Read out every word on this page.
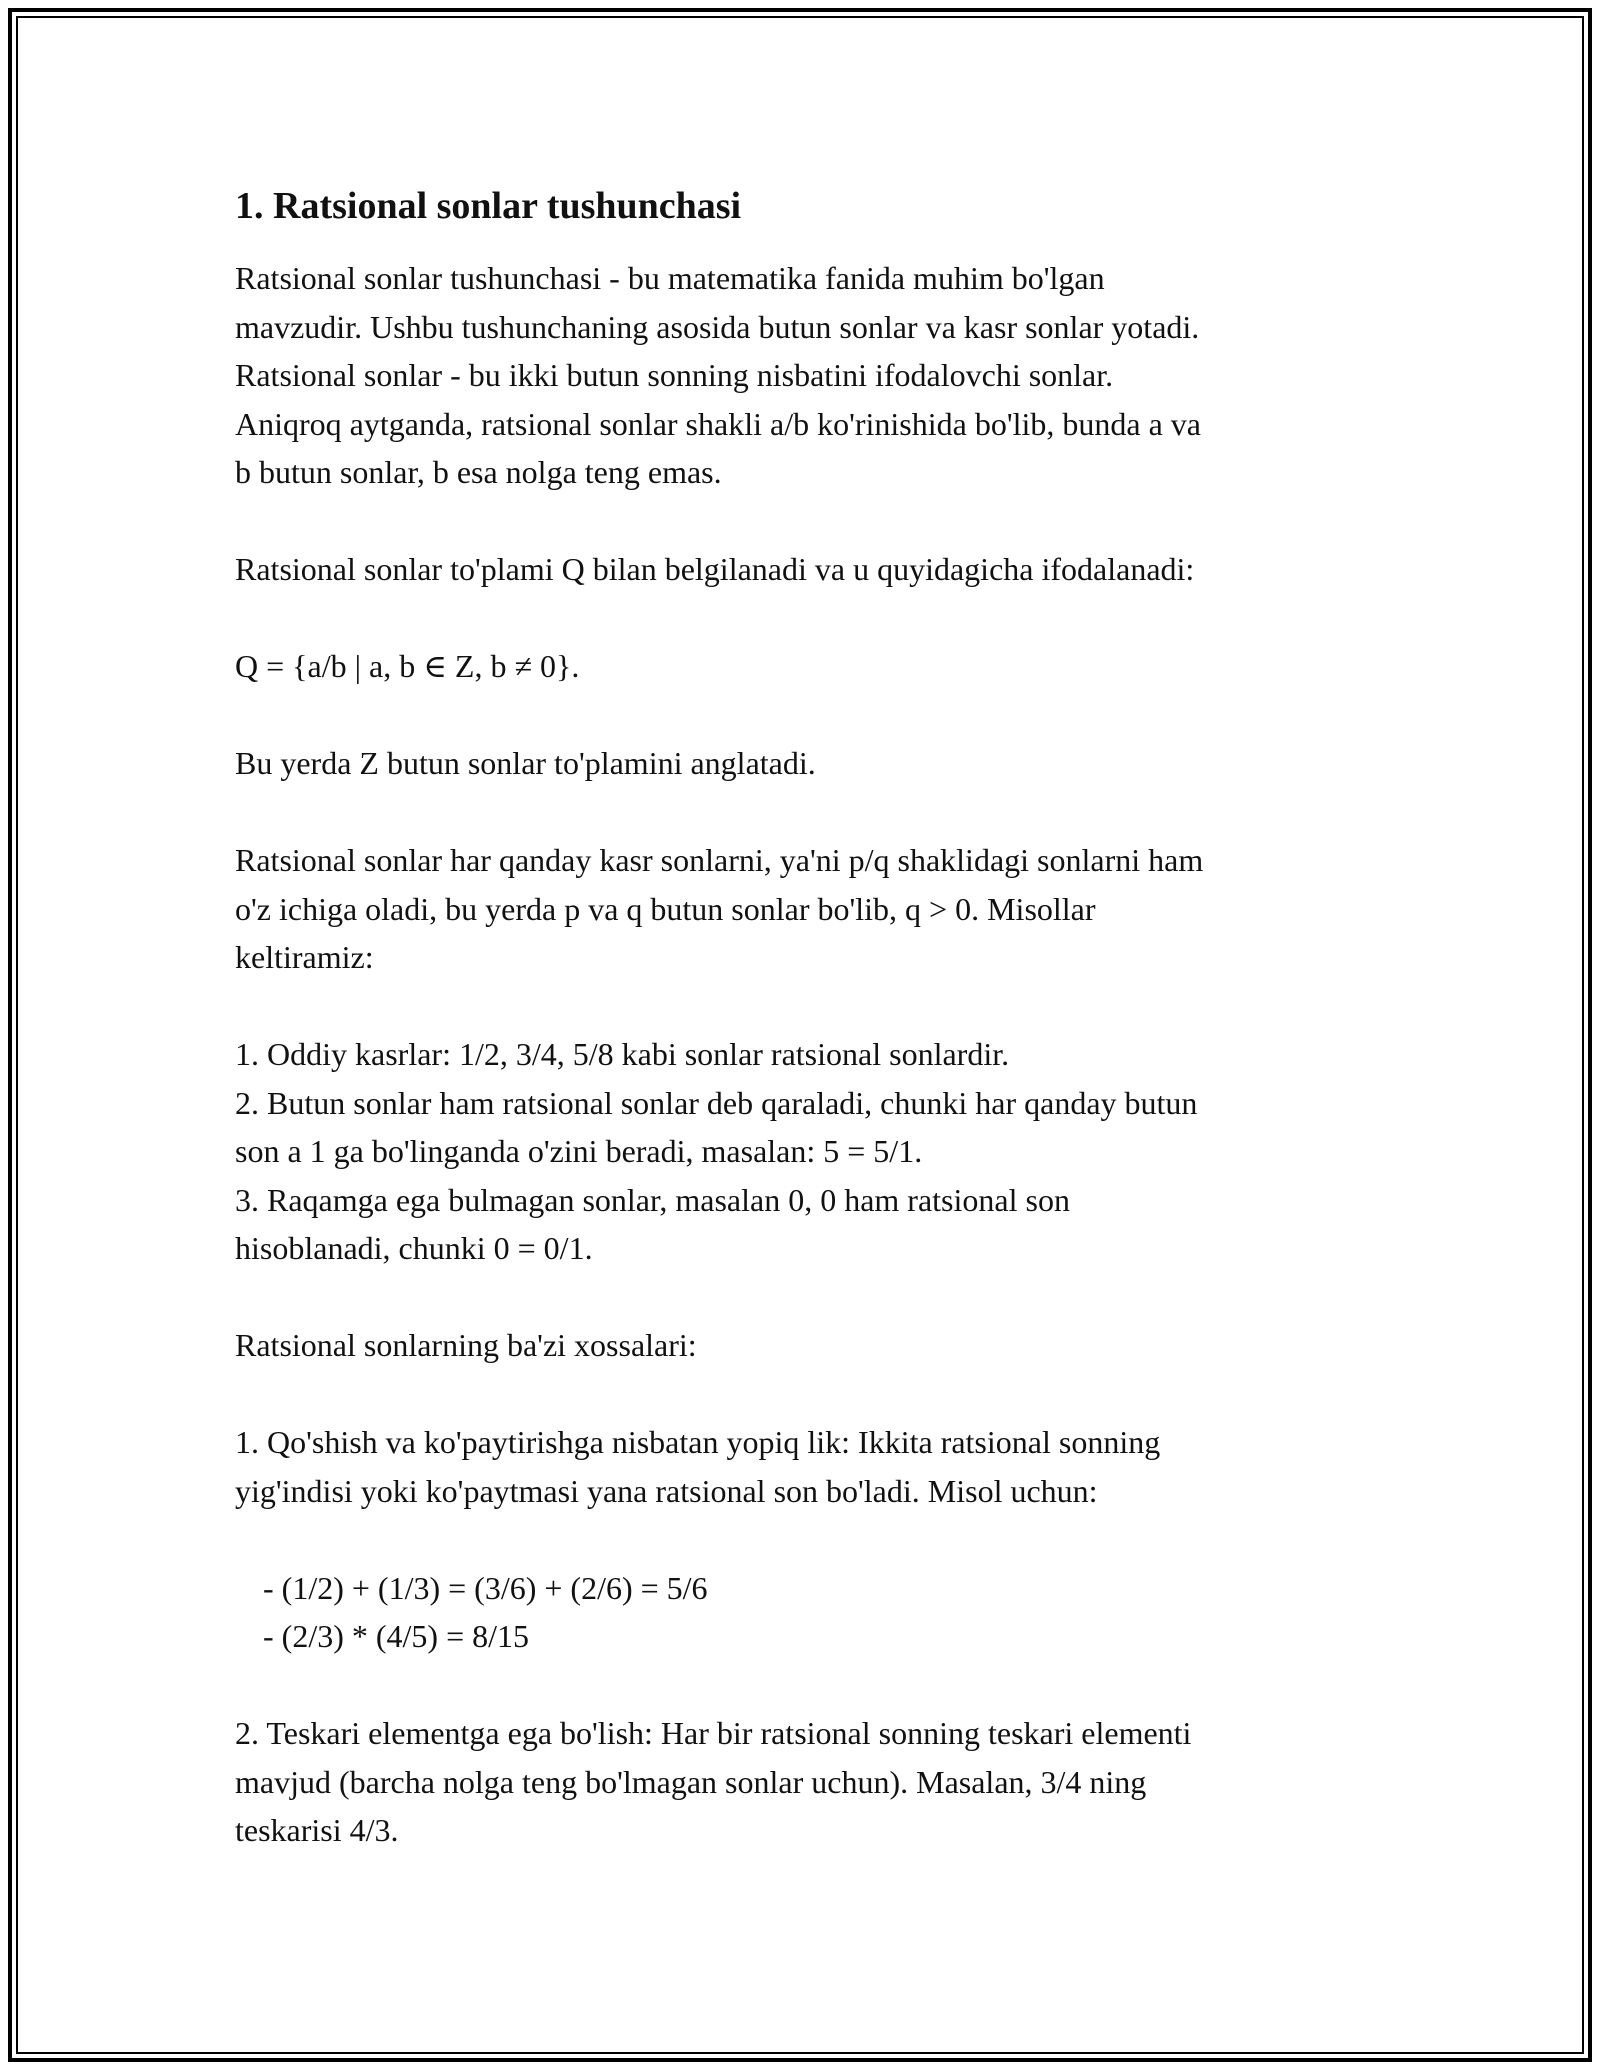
1. Ratsional sonlar tushunchasi
Ratsional sonlar tushunchasi - bu matematika fanida muhim bo'lgan
mavzudir. Ushbu tushunchaning asosida butun sonlar va kasr sonlar yotadi.
Ratsional sonlar - bu ikki butun sonning nisbatini ifodalovchi sonlar.
Aniqroq aytganda, ratsional sonlar shakli a/b ko'rinishida bo'lib, bunda a va
b butun sonlar, b esa nolga teng emas.
Ratsional sonlar to'plami Q bilan belgilanadi va u quyidagicha ifodalanadi:
Q = {a/b | a, b ∈ Z, b ≠ 0}.
Bu yerda Z butun sonlar to'plamini anglatadi.
Ratsional sonlar har qanday kasr sonlarni, ya'ni p/q shaklidagi sonlarni ham
o'z ichiga oladi, bu yerda p va q butun sonlar bo'lib, q > 0. Misollar
keltiramiz:
1. Oddiy kasrlar: 1/2, 3/4, 5/8 kabi sonlar ratsional sonlardir.
2. Butun sonlar ham ratsional sonlar deb qaraladi, chunki har qanday butun
son a 1 ga bo'linganda o'zini beradi, masalan: 5 = 5/1.
3. Raqamga ega bulmagan sonlar, masalan 0, 0 ham ratsional son
hisoblanadi, chunki 0 = 0/1.
Ratsional sonlarning ba'zi xossalari:
1. Qo'shish va ko'paytirishga nisbatan yopiq lik: Ikkita ratsional sonning
yig'indisi yoki ko'paytmasi yana ratsional son bo'ladi. Misol uchun:
- (1/2) + (1/3) = (3/6) + (2/6) = 5/6
- (2/3) * (4/5) = 8/15
2. Teskari elementga ega bo'lish: Har bir ratsional sonning teskari elementi
mavjud (barcha nolga teng bo'lmagan sonlar uchun). Masalan, 3/4 ning
teskarisi 4/3.
